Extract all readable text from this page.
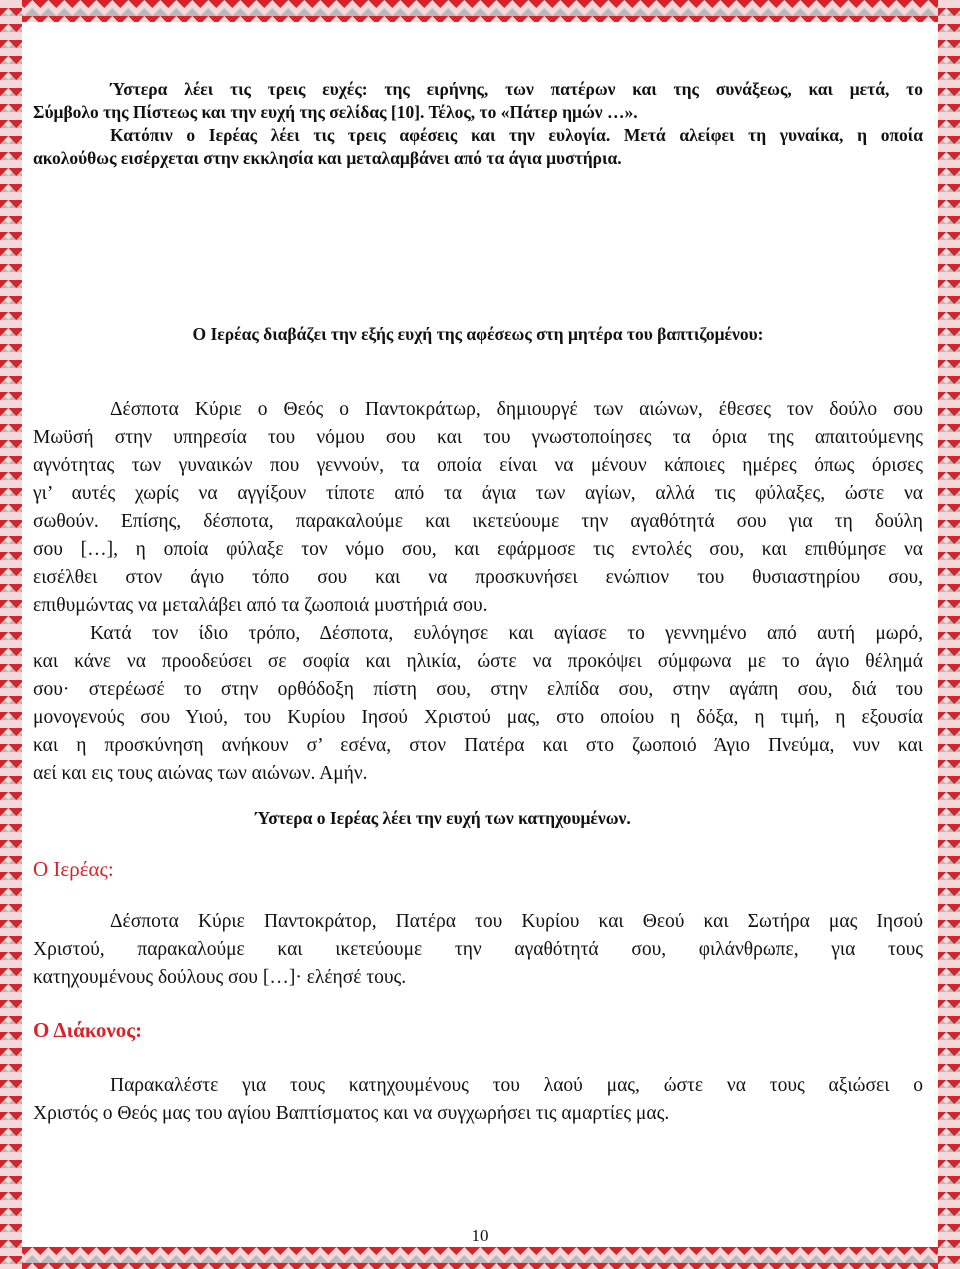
Ύστερα λέει τις τρεις ευχές: της ειρήνης, των πατέρων και της συνάξεως, και μετά, το
Σύμβολο της Πίστεως και την ευχή της σελίδας [10]. Τέλος, το «Πάτερ ημών …».
Κατόπιν ο Ιερέας λέει τις τρεις αφέσεις και την ευλογία. Μετά αλείφει τη γυναίκα, η οποία
ακολούθως εισέρχεται στην εκκλησία και μεταλαμβάνει από τα άγια μυστήρια.
Ο Ιερέας διαβάζει την εξής ευχή της αφέσεως στη μητέρα του βαπτιζομένου:
Δέσποτα Κύριε ο Θεός ο Παντοκράτωρ, δημιουργέ των αιώνων, έθεσες τον δούλο σου
Μωϋσή στην υπηρεσία του νόμου σου και του γνωστοποίησες τα όρια της απαιτούμενης
αγνότητας των γυναικών που γεννούν, τα οποία είναι να μένουν κάποιες ημέρες όπως όρισες
γι’ αυτές χωρίς να αγγίξουν τίποτε από τα άγια των αγίων, αλλά τις φύλαξες, ώστε να
σωθούν. Επίσης, δέσποτα, παρακαλούμε και ικετεύουμε την αγαθότητά σου για τη δούλη
σου […], η οποία φύλαξε τον νόμο σου, και εφάρμοσε τις εντολές σου, και επιθύμησε να
εισέλθει στον άγιο τόπο σου και να προσκυνήσει ενώπιον του θυσιαστηρίου σου,
επιθυμώντας να μεταλάβει από τα ζωοποιά μυστήριά σου.
Κατά τον ίδιο τρόπο, Δέσποτα, ευλόγησε και αγίασε το γεννημένο από αυτή μωρό,
και κάνε να προοδεύσει σε σοφία και ηλικία, ώστε να προκόψει σύμφωνα με το άγιο θέλημά
σου· στερέωσέ το στην ορθόδοξη πίστη σου, στην ελπίδα σου, στην αγάπη σου, διά του
μονογενούς σου Υιού, του Κυρίου Ιησού Χριστού μας, στο οποίου η δόξα, η τιμή, η εξουσία
και η προσκύνηση ανήκουν σ’ εσένα, στον Πατέρα και στο ζωοποιό Άγιο Πνεύμα, νυν και
αεί και εις τους αιώνας των αιώνων. Αμήν.
Ύστερα ο Ιερέας λέει την ευχή των κατηχουμένων.
Ο Ιερέας:
Δέσποτα Κύριε Παντοκράτορ, Πατέρα του Κυρίου και Θεού και Σωτήρα μας Ιησού
Χριστού, παρακαλούμε και ικετεύουμε την αγαθότητά σου, φιλάνθρωπε, για τους
κατηχουμένους δούλους σου […]· ελέησέ τους.
Ο Διάκονος:
Παρακαλέστε για τους κατηχουμένους του λαού μας, ώστε να τους αξιώσει ο
Χριστός ο Θεός μας του αγίου Βαπτίσματος και να συγχωρήσει τις αμαρτίες μας.
10
